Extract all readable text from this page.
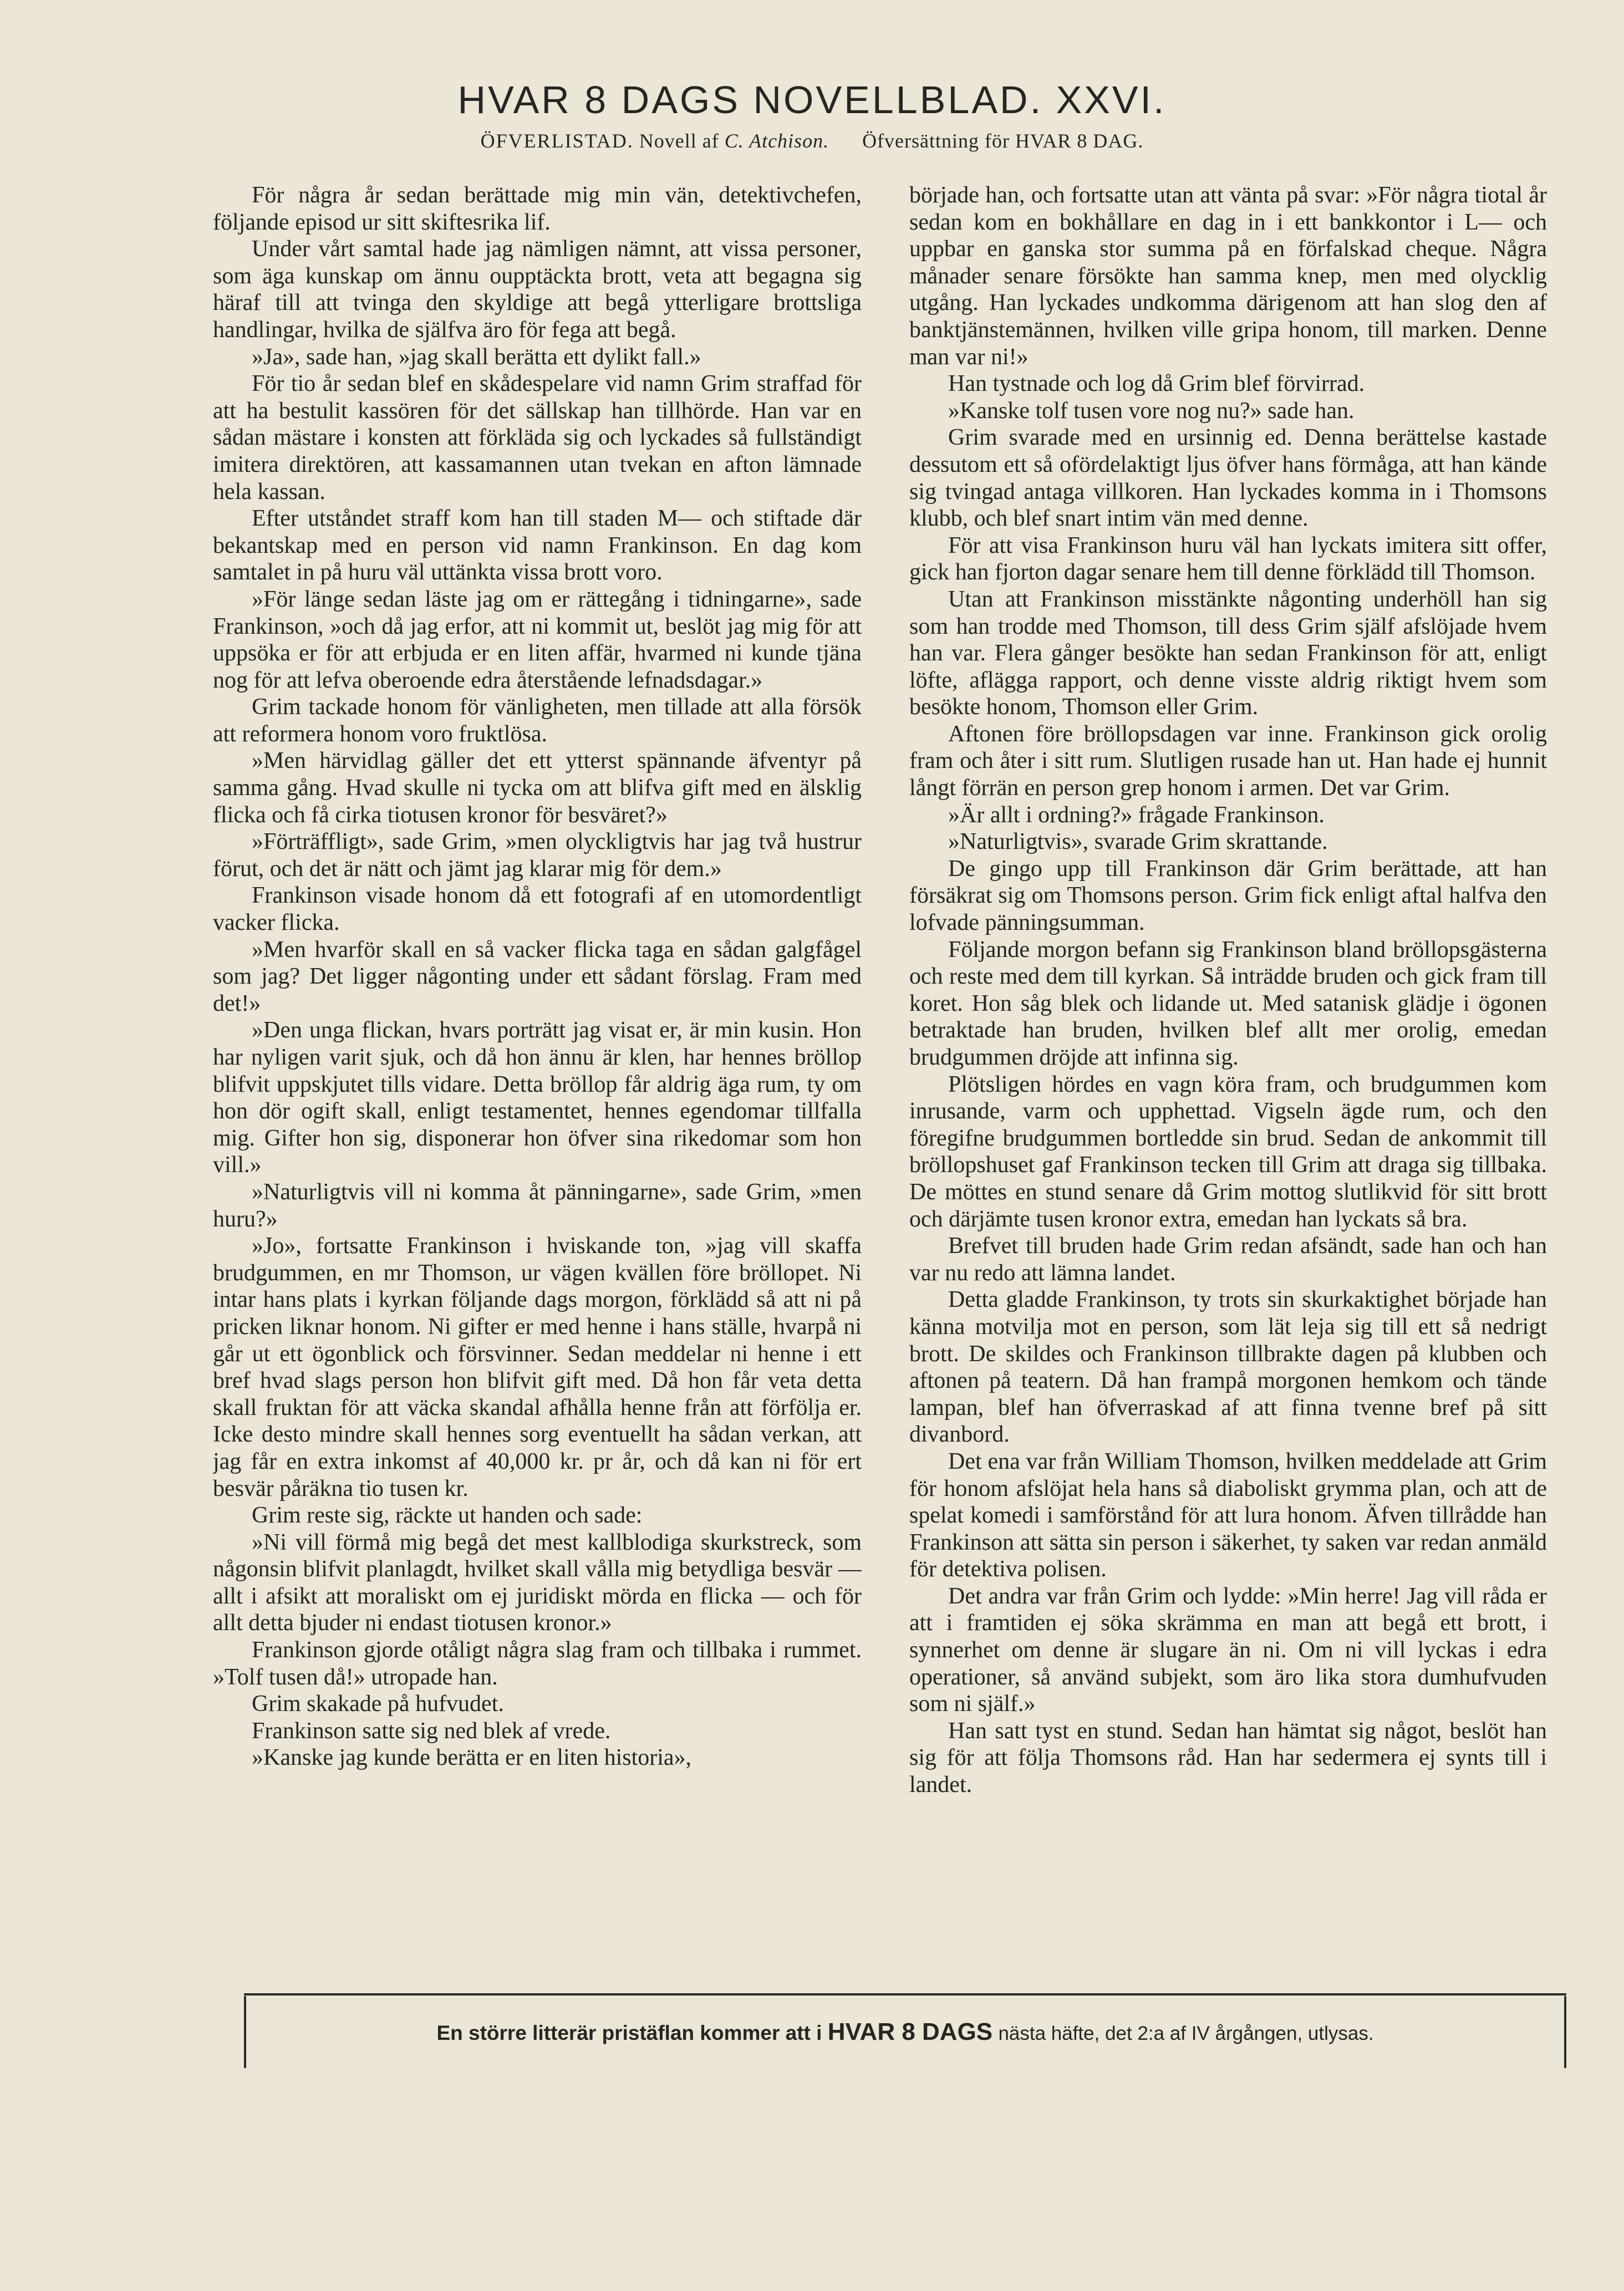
HVAR 8 DAGS NOVELLBLAD. XXVI.
ÖFVERLISTAD. Novell af C. Atchison. Öfversättning för HVAR 8 DAG.

För några år sedan berättade mig min vän, detektivchefen, följande episod ur sitt skiftesrika lif.

Under vårt samtal hade jag nämligen nämnt, att vissa personer, som äga kunskap om ännu oupptäckta brott, veta att begagna sig häraf till att tvinga den skyldige att begå ytterligare brottsliga handlingar, hvilka de själfva äro för fega att begå.

»Ja», sade han, »jag skall berätta ett dylikt fall.»

För tio år sedan blef en skådespelare vid namn Grim straffad för att ha bestulit kassören för det sällskap han tillhörde. Han var en sådan mästare i konsten att förkläda sig och lyckades så fullständigt imitera direktören, att kassamannen utan tvekan en afton lämnade hela kassan.

Efter utståndet straff kom han till staden M— och stiftade där bekantskap med en person vid namn Frankinson. En dag kom samtalet in på huru väl uttänkta vissa brott voro.

»För länge sedan läste jag om er rättegång i tidningarne», sade Frankinson, »och då jag erfor, att ni kommit ut, beslöt jag mig för att uppsöka er för att erbjuda er en liten affär, hvarmed ni kunde tjäna nog för att lefva oberoende edra återstående lefnadsdagar.»

Grim tackade honom för vänligheten, men tillade att alla försök att reformera honom voro fruktlösa.

»Men härvidlag gäller det ett ytterst spännande äfventyr på samma gång. Hvad skulle ni tycka om att blifva gift med en älsklig flicka och få cirka tiotusen kronor för besväret?»

»Förträffligt», sade Grim, »men olyckligtvis har jag två hustrur förut, och det är nätt och jämt jag klarar mig för dem.»

Frankinson visade honom då ett fotografi af en utomordentligt vacker flicka.

»Men hvarför skall en så vacker flicka taga en sådan galgfågel som jag? Det ligger någonting under ett sådant förslag. Fram med det!»

»Den unga flickan, hvars porträtt jag visat er, är min kusin. Hon har nyligen varit sjuk, och då hon ännu är klen, har hennes bröllop blifvit uppskjutet tills vidare. Detta bröllop får aldrig äga rum, ty om hon dör ogift skall, enligt testamentet, hennes egendomar tillfalla mig. Gifter hon sig, disponerar hon öfver sina rikedomar som hon vill.»

»Naturligtvis vill ni komma åt pänningarne», sade Grim, »men huru?»

»Jo», fortsatte Frankinson i hviskande ton, »jag vill skaffa brudgummen, en mr Thomson, ur vägen kvällen före bröllopet. Ni intar hans plats i kyrkan följande dags morgon, förklädd så att ni på pricken liknar honom. Ni gifter er med henne i hans ställe, hvarpå ni går ut ett ögonblick och försvinner. Sedan meddelar ni henne i ett bref hvad slags person hon blifvit gift med. Då hon får veta detta skall fruktan för att väcka skandal afhålla henne från att förfölja er. Icke desto mindre skall hennes sorg eventuellt ha sådan verkan, att jag får en extra inkomst af 40,000 kr. pr år, och då kan ni för ert besvär påräkna tio tusen kr.

Grim reste sig, räckte ut handen och sade:

»Ni vill förmå mig begå det mest kallblodiga skurkstreck, som någonsin blifvit planlagdt, hvilket skall vålla mig betydliga besvär — allt i afsikt att moraliskt om ej juridiskt mörda en flicka — och för allt detta bjuder ni endast tiotusen kronor.»

Frankinson gjorde otåligt några slag fram och tillbaka i rummet. »Tolf tusen då!» utropade han.

Grim skakade på hufvudet.

Frankinson satte sig ned blek af vrede.

»Kanske jag kunde berätta er en liten historia»,

började han, och fortsatte utan att vänta på svar: »För några tiotal år sedan kom en bokhållare en dag in i ett bankkontor i L— och uppbar en ganska stor summa på en förfalskad cheque. Några månader senare försökte han samma knep, men med olycklig utgång. Han lyckades undkomma därigenom att han slog den af banktjänstemännen, hvilken ville gripa honom, till marken. Denne man var ni!»

Han tystnade och log då Grim blef förvirrad.

»Kanske tolf tusen vore nog nu?» sade han.

Grim svarade med en ursinnig ed. Denna berättelse kastade dessutom ett så ofördelaktigt ljus öfver hans förmåga, att han kände sig tvingad antaga villkoren. Han lyckades komma in i Thomsons klubb, och blef snart intim vän med denne.

För att visa Frankinson huru väl han lyckats imitera sitt offer, gick han fjorton dagar senare hem till denne förklädd till Thomson.

Utan att Frankinson misstänkte någonting underhöll han sig som han trodde med Thomson, till dess Grim själf afslöjade hvem han var. Flera gånger besökte han sedan Frankinson för att, enligt löfte, aflägga rapport, och denne visste aldrig riktigt hvem som besökte honom, Thomson eller Grim.

Aftonen före bröllopsdagen var inne. Frankinson gick orolig fram och åter i sitt rum. Slutligen rusade han ut. Han hade ej hunnit långt förrän en person grep honom i armen. Det var Grim.

»Är allt i ordning?» frågade Frankinson.

»Naturligtvis», svarade Grim skrattande.

De gingo upp till Frankinson där Grim berättade, att han försäkrat sig om Thomsons person. Grim fick enligt aftal halfva den lofvade pänningsumman.

Följande morgon befann sig Frankinson bland bröllopsgästerna och reste med dem till kyrkan. Så inträdde bruden och gick fram till koret. Hon såg blek och lidande ut. Med satanisk glädje i ögonen betraktade han bruden, hvilken blef allt mer orolig, emedan brudgummen dröjde att infinna sig.

Plötsligen hördes en vagn köra fram, och brudgummen kom inrusande, varm och upphettad. Vigseln ägde rum, och den föregifne brudgummen bortledde sin brud. Sedan de ankommit till bröllopshuset gaf Frankinson tecken till Grim att draga sig tillbaka. De möttes en stund senare då Grim mottog slutlikvid för sitt brott och därjämte tusen kronor extra, emedan han lyckats så bra.

Brefvet till bruden hade Grim redan afsändt, sade han och han var nu redo att lämna landet.

Detta gladde Frankinson, ty trots sin skurkaktighet började han känna motvilja mot en person, som lät leja sig till ett så nedrigt brott. De skildes och Frankinson tillbrakte dagen på klubben och aftonen på teatern. Då han frampå morgonen hemkom och tände lampan, blef han öfverraskad af att finna tvenne bref på sitt divanbord.

Det ena var från William Thomson, hvilken meddelade att Grim för honom afslöjat hela hans så diaboliskt grymma plan, och att de spelat komedi i samförstånd för att lura honom. Äfven tillrådde han Frankinson att sätta sin person i säkerhet, ty saken var redan anmäld för detektiva polisen.

Det andra var från Grim och lydde: »Min herre! Jag vill råda er att i framtiden ej söka skrämma en man att begå ett brott, i synnerhet om denne är slugare än ni. Om ni vill lyckas i edra operationer, så använd subjekt, som äro lika stora dumhufvuden som ni själf.»

Han satt tyst en stund. Sedan han hämtat sig något, beslöt han sig för att följa Thomsons råd. Han har sedermera ej synts till i landet.

En större litterär pristäflan kommer att i HVAR 8 DAGS nästa häfte, det 2:a af IV årgången, utlysas.
